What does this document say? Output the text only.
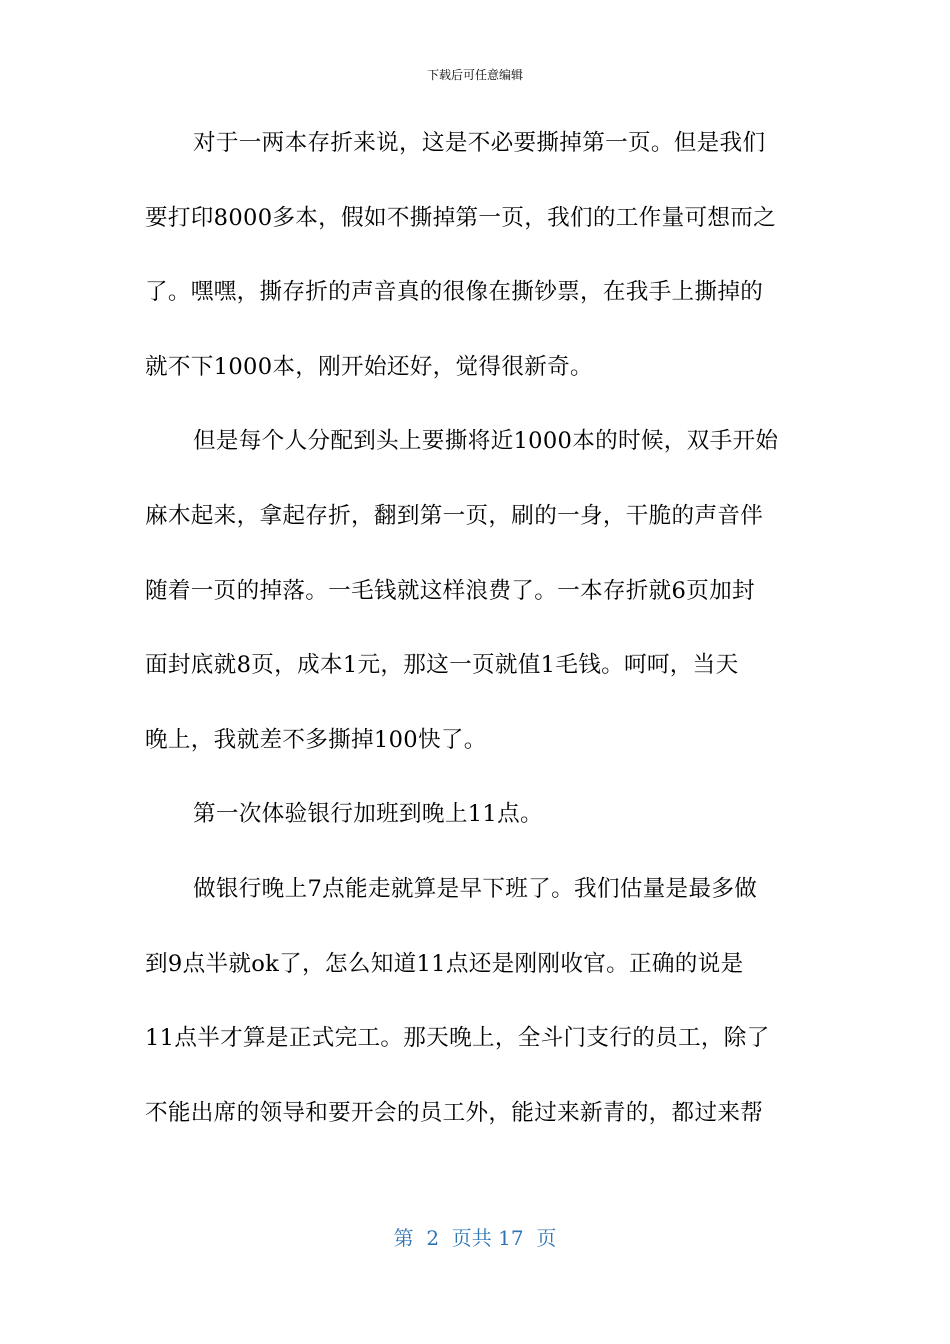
下载后可任意编辑
对于一两本存折来说，这是不必要撕掉第一页。但是我们
要打印8000多本，假如不撕掉第一页，我们的工作量可想而之
了。嘿嘿，撕存折的声音真的很像在撕钞票，在我手上撕掉的
就不下1000本，刚开始还好，觉得很新奇。
但是每个人分配到头上要撕将近1000本的时候，双手开始
麻木起来，拿起存折，翻到第一页，刷的一身，干脆的声音伴
随着一页的掉落。一毛钱就这样浪费了。一本存折就6页加封
面封底就8页，成本1元，那这一页就值1毛钱。呵呵，当天
晚上，我就差不多撕掉100快了。
第一次体验银行加班到晚上11点。
做银行晚上7点能走就算是早下班了。我们估量是最多做
到9点半就ok了，怎么知道11点还是刚刚收官。正确的说是
11点半才算是正式完工。那天晚上，全斗门支行的员工，除了
不能出席的领导和要开会的员工外，能过来新青的，都过来帮
第  2  页共 17  页
